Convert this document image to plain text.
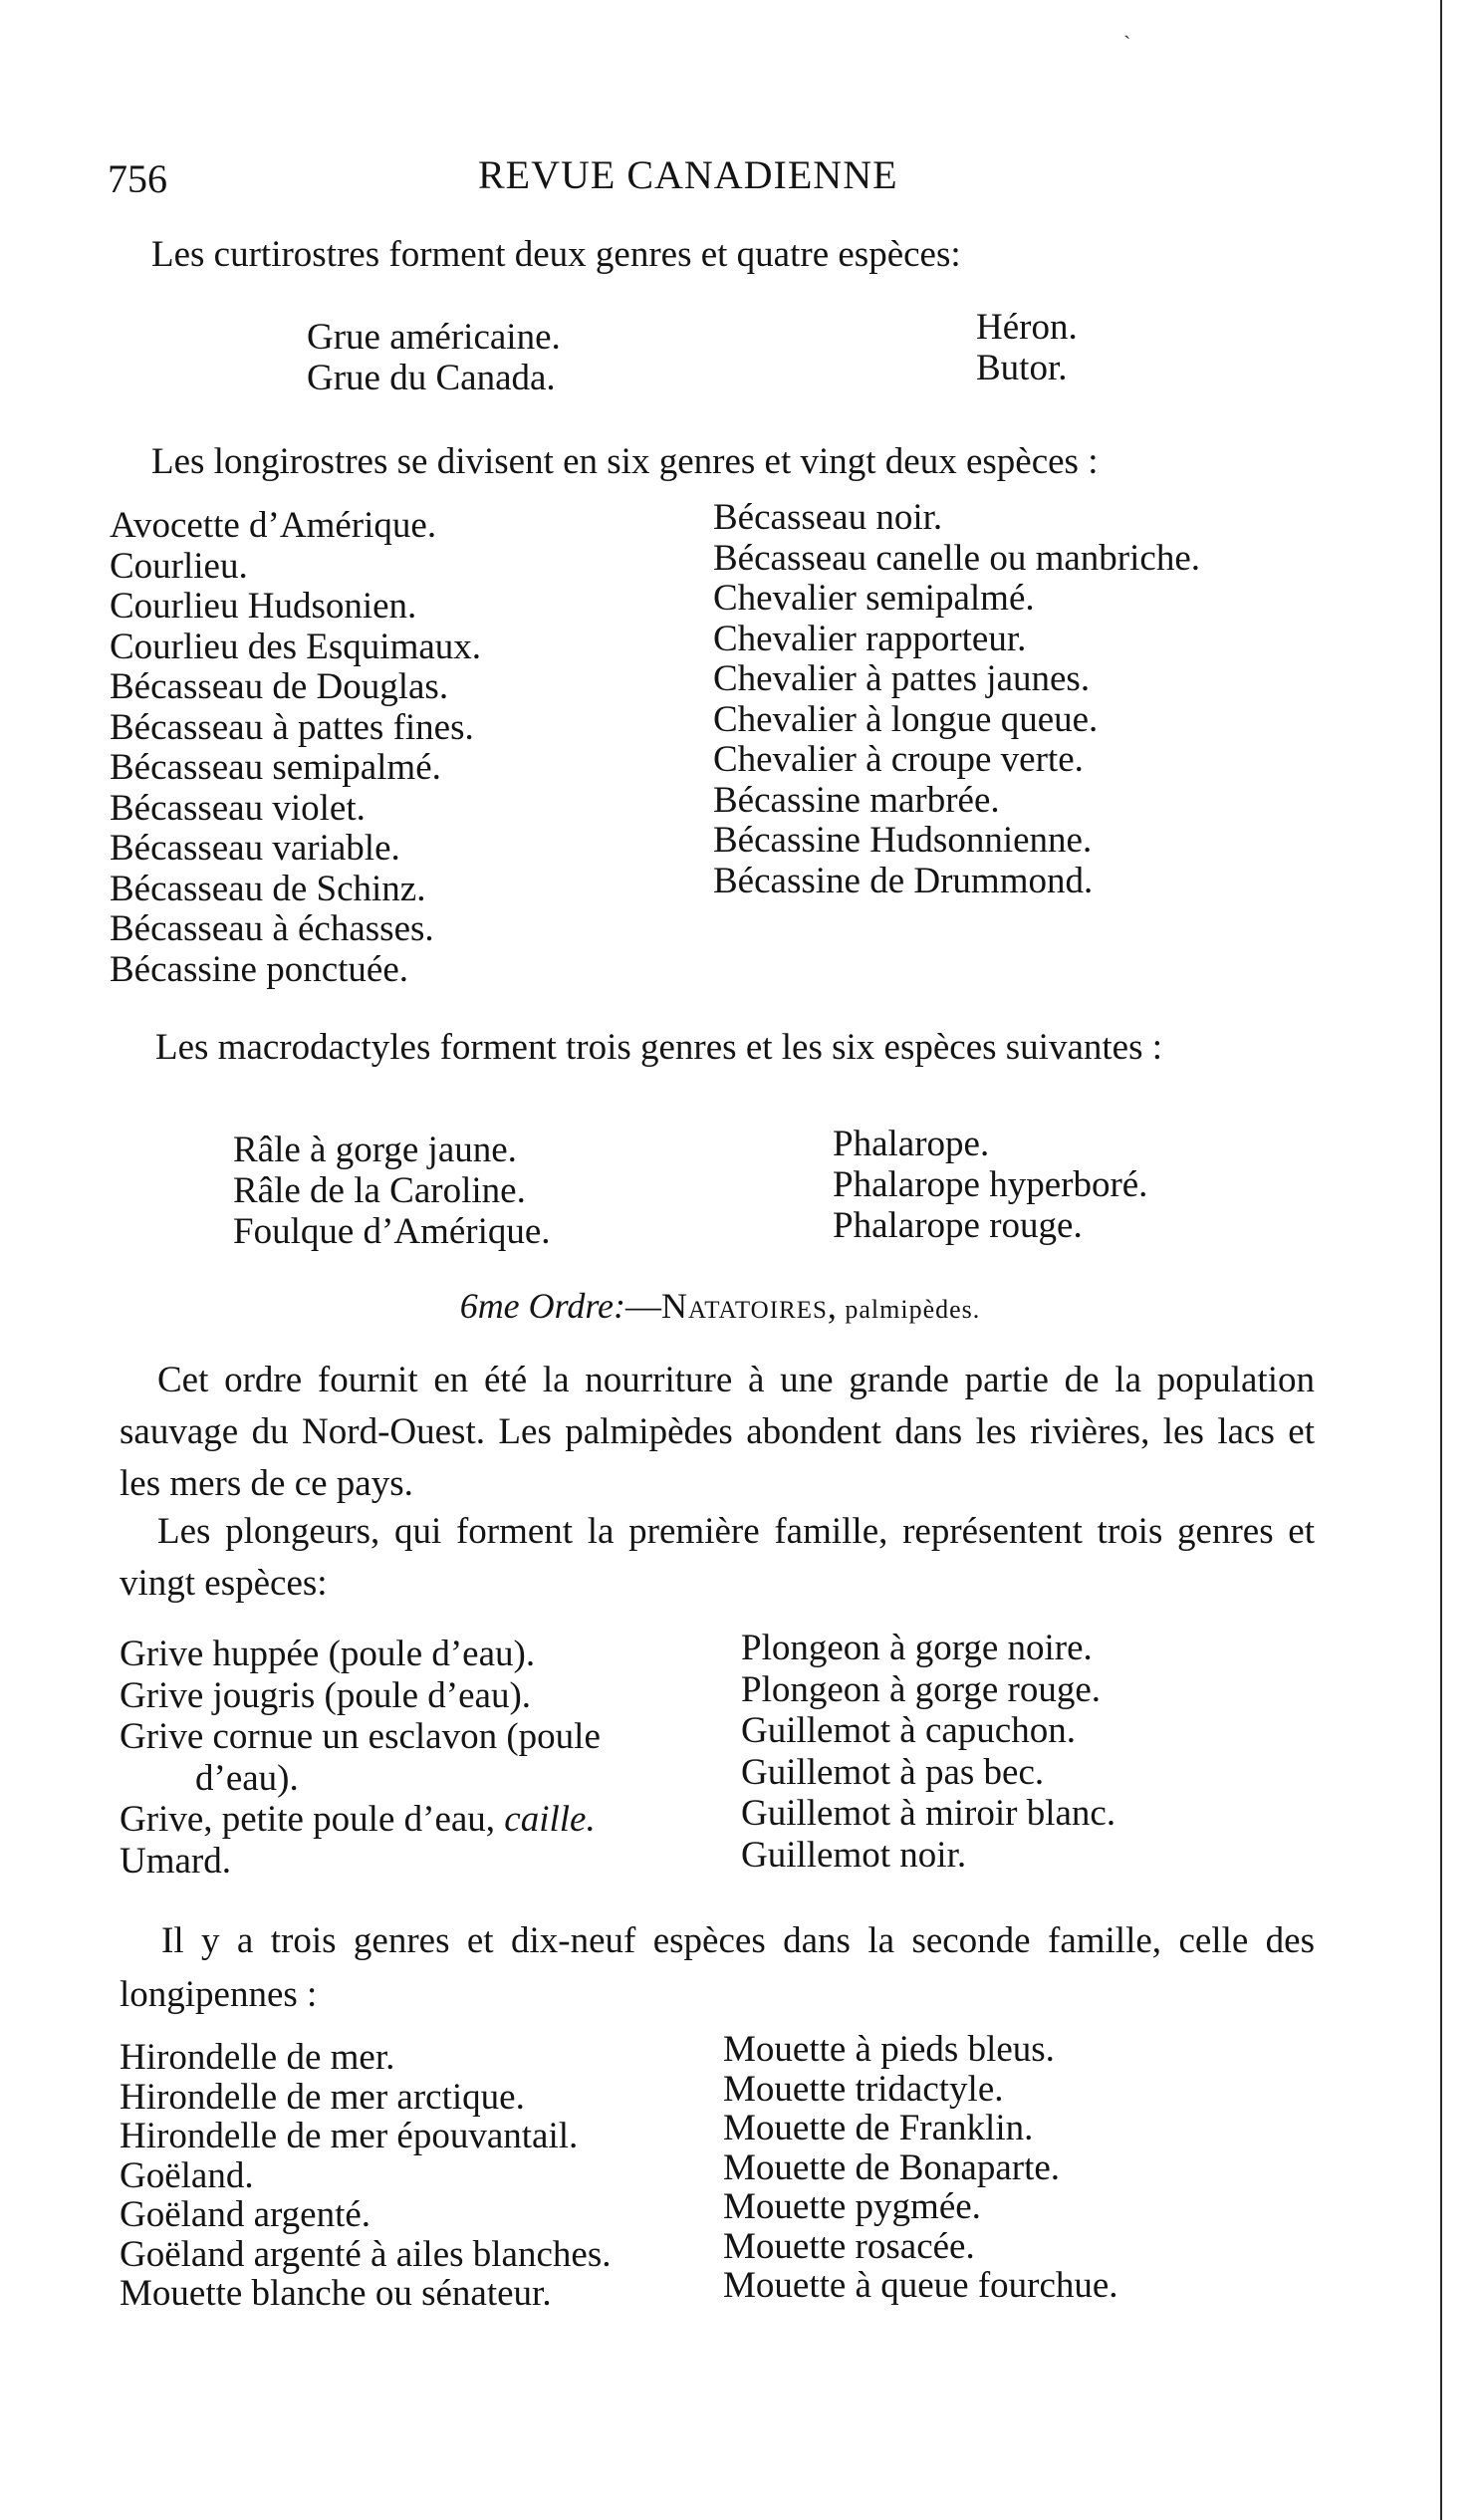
ˎ
756	REVUE CANADIENNE

Les curtirostres forment deux genres et quatre espèces:

Grue américaine.
Grue du Canada.
Héron.
Butor.

Les longirostres se divisent en six genres et vingt deux espèces :

Avocette d’Amérique.
Courlieu.
Courlieu Hudsonien.
Courlieu des Esquimaux.
Bécasseau de Douglas.
Bécasseau à pattes fines.
Bécasseau semipalmé.
Bécasseau violet.
Bécasseau variable.
Bécasseau de Schinz.
Bécasseau à échasses.
Bécassine ponctuée.
Bécasseau noir.
Bécasseau canelle ou manbriche.
Chevalier semipalmé.
Chevalier rapporteur.
Chevalier à pattes jaunes.
Chevalier à longue queue.
Chevalier à croupe verte.
Bécassine marbrée.
Bécassine Hudsonnienne.
Bécassine de Drummond.

Les macrodactyles forment trois genres et les six espèces suivantes :

Râle à gorge jaune.
Râle de la Caroline.
Foulque d’Amérique.
Phalarope.
Phalarope hyperboré.
Phalarope rouge.
6me Ordre:—Natatoires, palmipèdes.

Cet ordre fournit en été la nourriture à une grande partie de la population sauvage du Nord-Ouest. Les palmipèdes abondent dans les rivières, les lacs et les mers de ce pays.

Les plongeurs, qui forment la première famille, représentent trois genres et vingt espèces:

Grive huppée (poule d’eau).
Grive jougris (poule d’eau).
Grive cornue un esclavon (poule
d’eau).
Grive, petite poule d’eau, caille.
Umard.
Plongeon à gorge noire.
Plongeon à gorge rouge.
Guillemot à capuchon.
Guillemot à pas bec.
Guillemot à miroir blanc.
Guillemot noir.

Il y a trois genres et dix-neuf espèces dans la seconde famille, celle des longipennes :

Hirondelle de mer.
Hirondelle de mer arctique.
Hirondelle de mer épouvantail.
Goëland.
Goëland argenté.
Goëland argenté à ailes blanches.
Mouette blanche ou sénateur.
Mouette à pieds bleus.
Mouette tridactyle.
Mouette de Franklin.
Mouette de Bonaparte.
Mouette pygmée.
Mouette rosacée.
Mouette à queue fourchue.
